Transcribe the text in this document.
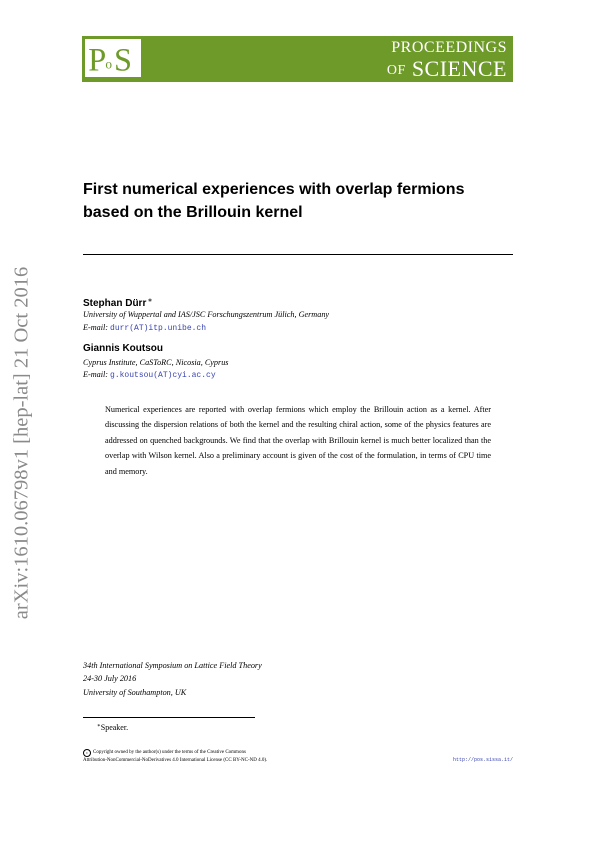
P o S	PROCEEDINGS
OF SCIENCE
arXiv:1610.06798v1 [hep-lat] 21 Oct 2016
First numerical experiences with overlap fermions
based on the Brillouin kernel
Stephan Dürr∗
University of Wuppertal and IAS/JSC Forschungszentrum Jülich, Germany
E-mail: durr(AT)itp.unibe.ch
Giannis Koutsou
Cyprus Institute, CaSToRC, Nicosia, Cyprus
E-mail: g.koutsou(AT)cyi.ac.cy

Numerical experiences are reported with overlap fermions which employ the Brillouin action as a kernel. After discussing the dispersion relations of both the kernel and the resulting chiral action, some of the physics features are addressed on quenched backgrounds. We find that the overlap with Brillouin kernel is much better localized than the overlap with Wilson kernel. Also a preliminary account is given of the cost of the formulation, in terms of CPU time and memory.

34th International Symposium on Lattice Field Theory
24-30 July 2016
University of Southampton, UK
∗Speaker.
c Copyright owned by the author(s) under the terms of the Creative Commons
Attribution-NonCommercial-NoDerivatives 4.0 International License (CC BY-NC-ND 4.0).	http://pos.sissa.it/
